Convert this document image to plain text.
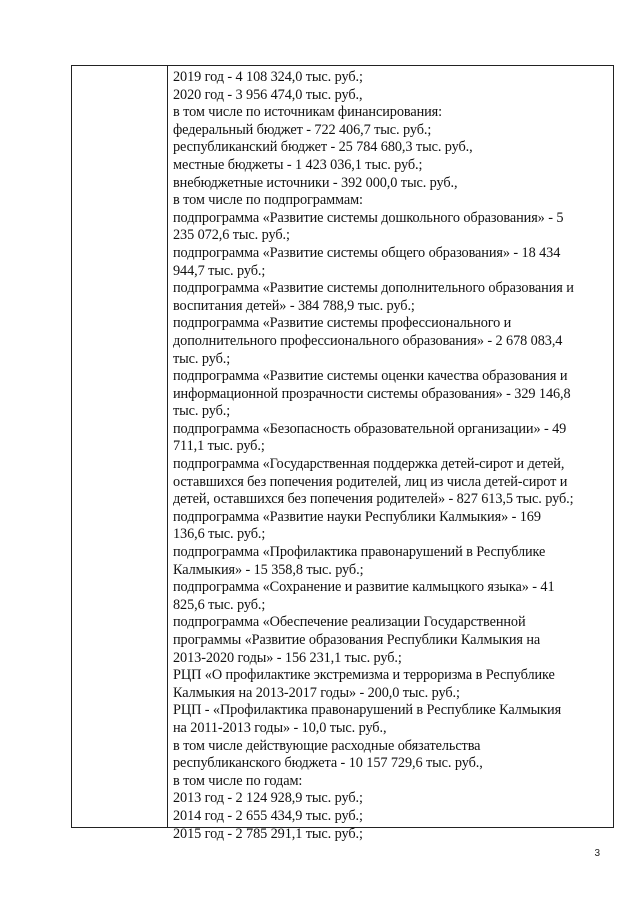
2019 год - 4 108 324,0 тыс. руб.;
2020 год - 3 956 474,0 тыс. руб.,
в том числе по источникам финансирования:
федеральный бюджет - 722 406,7 тыс. руб.;
республиканский бюджет - 25 784 680,3 тыс. руб.,
местные бюджеты - 1 423 036,1 тыс. руб.;
внебюджетные источники - 392 000,0 тыс. руб.,
в том числе по подпрограммам:
подпрограмма «Развитие системы дошкольного образования» - 5
235 072,6 тыс. руб.;
подпрограмма «Развитие системы общего образования» - 18 434
944,7 тыс. руб.;
подпрограмма «Развитие системы дополнительного образования и
воспитания детей» - 384 788,9 тыс. руб.;
подпрограмма «Развитие системы профессионального и
дополнительного профессионального образования» - 2 678 083,4
тыс. руб.;
подпрограмма «Развитие системы оценки качества образования и
информационной прозрачности системы образования» - 329 146,8
тыс. руб.;
подпрограмма «Безопасность образовательной организации» - 49
711,1 тыс. руб.;
подпрограмма «Государственная поддержка детей-сирот и детей,
оставшихся без попечения родителей, лиц из числа детей-сирот и
детей, оставшихся без попечения родителей» - 827 613,5 тыс. руб.;
подпрограмма «Развитие науки Республики Калмыкия» - 169
136,6 тыс. руб.;
подпрограмма «Профилактика правонарушений в Республике
Калмыкия» - 15 358,8 тыс. руб.;
подпрограмма «Сохранение и развитие калмыцкого языка» - 41
825,6 тыс. руб.;
подпрограмма «Обеспечение реализации Государственной
программы «Развитие образования Республики Калмыкия на
2013-2020 годы» - 156 231,1 тыс. руб.;
РЦП «О профилактике экстремизма и терроризма в Республике
Калмыкия на 2013-2017 годы» - 200,0 тыс. руб.;
РЦП - «Профилактика правонарушений в Республике Калмыкия
на 2011-2013 годы» - 10,0 тыс. руб.,
в том числе действующие расходные обязательства
республиканского бюджета - 10 157 729,6 тыс. руб.,
в том числе по годам:
2013 год - 2 124 928,9 тыс. руб.;
2014 год - 2 655 434,9 тыс. руб.;
2015 год - 2 785 291,1 тыс. руб.;
3
